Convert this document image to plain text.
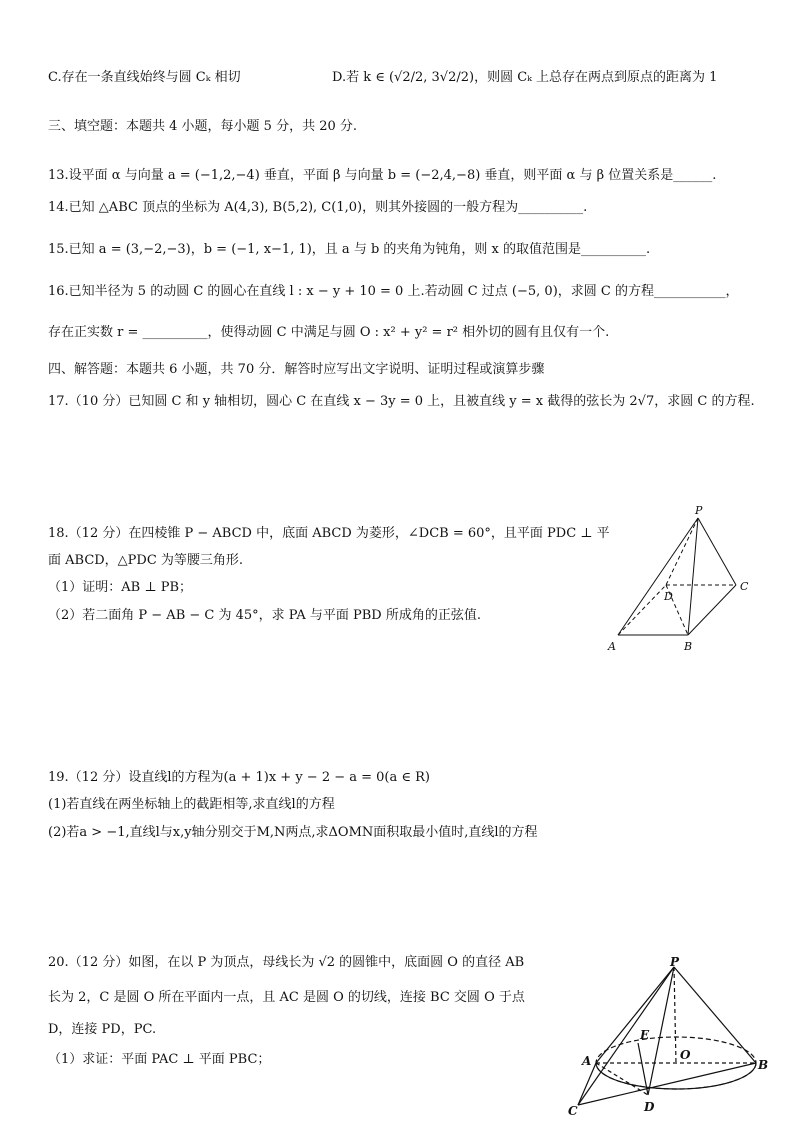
C.存在一条直线始终与圆 Cₖ 相切	D.若 k ∈ (√2/2, 3√2/2)，则圆 Cₖ 上总存在两点到原点的距离为 1
三、填空题：本题共 4 小题，每小题 5 分，共 20 分.
13.设平面 α 与向量 a = (−1,2,−4) 垂直，平面 β 与向量 b = (−2,4,−8) 垂直，则平面 α 与 β 位置关系是______.
14.已知 △ABC 顶点的坐标为 A(4,3), B(5,2), C(1,0)，则其外接圆的一般方程为__________.
15.已知 a = (3,−2,−3)，b = (−1, x−1, 1)，且 a 与 b 的夹角为钝角，则 x 的取值范围是__________.
16.已知半径为 5 的动圆 C 的圆心在直线 l : x − y + 10 = 0 上.若动圆 C 过点 (−5, 0)，求圆 C 的方程___________，
存在正实数 r = __________，使得动圆 C 中满足与圆 O : x² + y² = r² 相外切的圆有且仅有一个.
四、解答题：本题共 6 小题，共 70 分．解答时应写出文字说明、证明过程或演算步骤
17.（10 分）已知圆 C 和 y 轴相切，圆心 C 在直线 x − 3y = 0 上，且被直线 y = x 截得的弦长为 2√7，求圆 C 的方程.
18.（12 分）在四棱锥 P − ABCD 中，底面 ABCD 为菱形，∠DCB = 60°，且平面 PDC ⊥ 平
面 ABCD，△PDC 为等腰三角形.
（1）证明：AB ⊥ PB；
（2）若二面角 P − AB − C 为 45°，求 PA 与平面 PBD 所成角的正弦值.
P
A	B
C
D
19.（12 分）设直线l的方程为(a + 1)x + y − 2 − a = 0(a ∈ R)
(1)若直线在两坐标轴上的截距相等,求直线l的方程
(2)若a > −1,直线l与x,y轴分别交于M,N两点,求ΔOMN面积取最小值时,直线l的方程
20.（12 分）如图，在以 P 为顶点，母线长为 √2 的圆锥中，底面圆 O 的直径 AB
长为 2，C 是圆 O 所在平面内一点，且 AC 是圆 O 的切线，连接 BC 交圆 O 于点
D，连接 PD，PC.
（1）求证：平面 PAC ⊥ 平面 PBC；
P
A	B
C	D
E
O
